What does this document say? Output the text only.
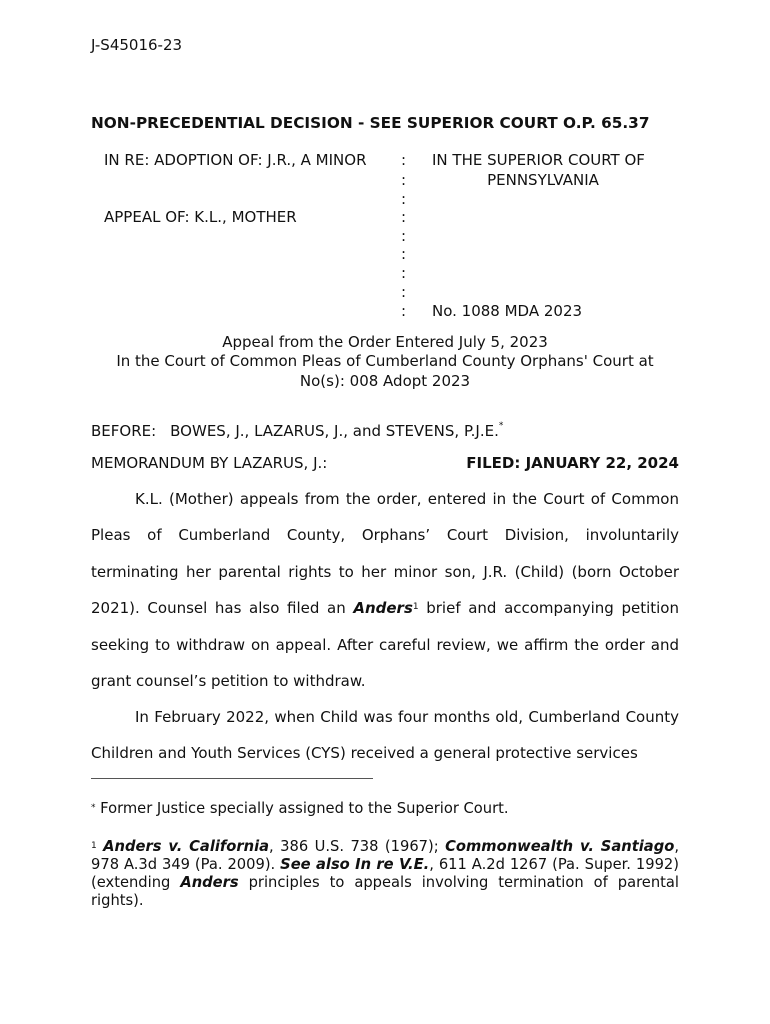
J-S45016-23
NON-PRECEDENTIAL DECISION - SEE SUPERIOR COURT O.P. 65.37
IN RE: ADOPTION OF: J.R., A MINOR
APPEAL OF: K.L., MOTHER
:
:
:
:
:
:
:
:
:
IN THE SUPERIOR COURT OF
PENNSYLVANIA
No. 1088 MDA 2023
Appeal from the Order Entered July 5, 2023
In the Court of Common Pleas of Cumberland County Orphans' Court at
No(s): 008 Adopt 2023
BEFORE: BOWES, J., LAZARUS, J., and STEVENS, P.J.E.*
MEMORANDUM BY LAZARUS, J.:	FILED: JANUARY 22, 2024

K.L. (Mother) appeals from the order, entered in the Court of Common Pleas of Cumberland County, Orphans’ Court Division, involuntarily terminating her parental rights to her minor son, J.R. (Child) (born October 2021). Counsel has also filed an Anders$^1$ brief and accompanying petition seeking to withdraw on appeal. After careful review, we affirm the order and grant counsel’s petition to withdraw.

In February 2022, when Child was four months old, Cumberland County Children and Youth Services (CYS) received a general protective services

* Former Justice specially assigned to the Superior Court.
$^1$ Anders v. California, 386 U.S. 738 (1967); Commonwealth v. Santiago, 978 A.3d 349 (Pa. 2009). See also In re V.E., 611 A.2d 1267 (Pa. Super. 1992) (extending Anders principles to appeals involving termination of parental rights).
